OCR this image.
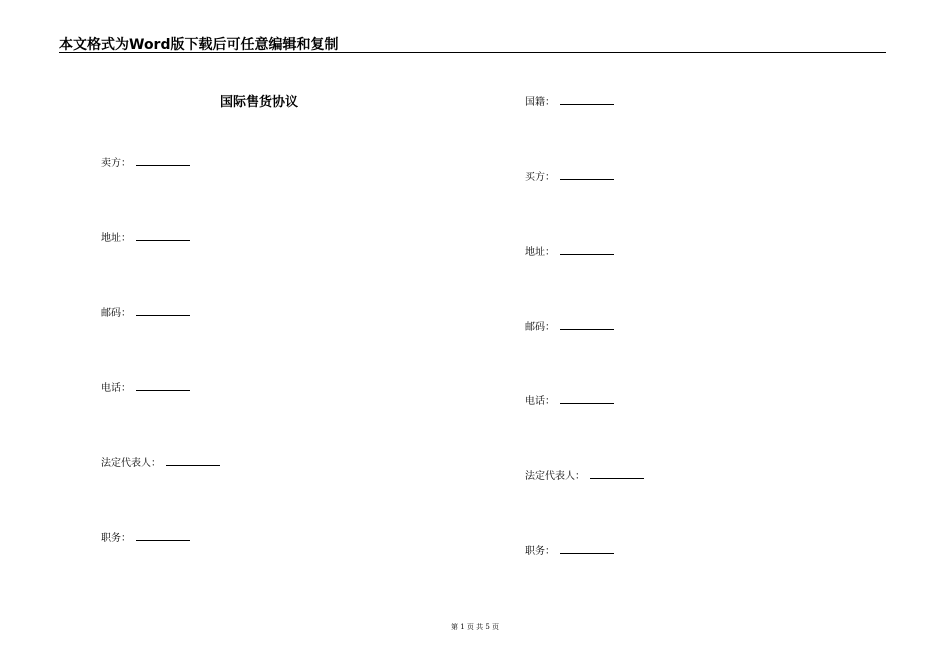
本文格式为Word版下载后可任意编辑和复制
国际售货协议
卖方：
地址：
邮码：
电话：
法定代表人：
职务：
国籍：
买方：
地址：
邮码：
电话：
法定代表人：
职务：
第 1 页 共 5 页
